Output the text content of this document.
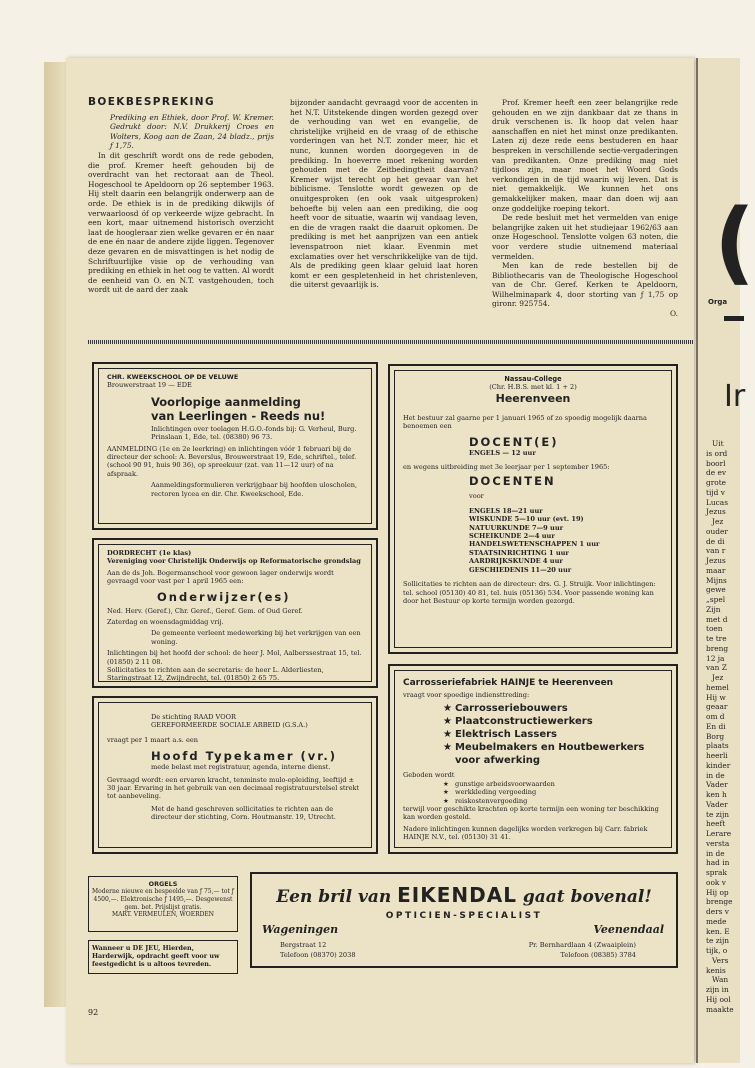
BOEKBESPREKING

Prediking en Ethiek, door Prof. W. Kremer. Gedrukt door: N.V. Drukkerij Croes en Wolters, Koog aan de Zaan, 24 bladz., prijs ƒ 1,75.

In dit geschrift wordt ons de rede geboden, die prof. Kremer heeft gehouden bij de overdracht van het rectoraat aan de Theol. Hogeschool te Apeldoorn op 26 september 1963. Hij stelt daarin een belangrijk onderwerp aan de orde. De ethiek is in de prediking dikwijls óf verwaarloosd óf op verkeerde wijze gebracht. In een kort, maar uitnemend historisch overzicht laat de hoogleraar zien welke gevaren er én naar de ene én naar de andere zijde liggen. Tegenover deze gevaren en de misvattingen is het nodig de Schriftuurlijke visie op de verhouding van prediking en ethiek in het oog te vatten. Al wordt de eenheid van O. en N.T. vastgehouden, toch wordt uit de aard der zaak

bijzonder aandacht gevraagd voor de accenten in het N.T. Uitstekende dingen worden gezegd over de verhouding van wet en evangelie, de christelijke vrijheid en de vraag of de ethische vorderingen van het N.T. zonder meer, hic et nunc, kunnen worden doorgegeven in de prediking. In hoeverre moet rekening worden gehouden met de Zeitbedingtheit daarvan? Kremer wijst terecht op het gevaar van het biblicisme. Tenslotte wordt gewezen op de onuitgesproken (en ook vaak uitgesproken) behoefte bij velen aan een prediking, die oog heeft voor de situatie, waarin wij vandaag leven, en die de vragen raakt die daaruit opkomen. De prediking is met het aanprijzen van een antiek levenspatroon niet klaar. Evenmin met exclamaties over het verschrikkelijke van de tijd. Als de prediking geen klaar geluid laat horen komt er een gespletenheid in het christenleven, die uiterst gevaarlijk is.

Prof. Kremer heeft een zeer belangrijke rede gehouden en we zijn dankbaar dat ze thans in druk verschenen is. Ik hoop dat velen haar aanschaffen en niet het minst onze predikanten. Laten zij deze rede eens bestuderen en haar bespreken in verschillende sectie-vergaderingen van predikanten. Onze prediking mag niet tijdloos zijn, maar moet het Woord Gods verkondigen in de tijd waarin wij leven. Dat is niet gemakkelijk. We kunnen het ons gemakkelijker maken, maar dan doen wij aan onze goddelijke roeping tekort.

De rede besluit met het vermelden van enige belangrijke zaken uit het studiejaar 1962/63 aan onze Hogeschool. Tenslotte volgen 63 noten, die voor verdere studie uitnemend materiaal vermelden.

Men kan de rede bestellen bij de Bibliothecaris van de Theologische Hogeschool van de Chr. Geref. Kerken te Apeldoorn, Wilhelminapark 4, door storting van ƒ 1,75 op gironr. 925754.

O.

CHR. KWEEKSCHOOL OP DE VELUWE
Brouwerstraat 19 — EDE
Voorlopige aanmelding
van Leerlingen - Reeds nu!
Inlichtingen over toelagen H.G.O.-fonds bij: G. Verheul, Burg. Prinslaan 1, Ede, tel. (08380) 96 73.
AANMELDING (1e en 2e leerkring) en inlichtingen vóór 1 februari bij de directeur der school: A. Beverslus, Brouwerstraat 19, Ede, schriftel., telef. (school 90 91, huis 90 36), op spreekuur (zat. van 11—12 uur) of na afspraak.
Aanmeldingsformulieren verkrijgbaar bij hoofden uloscholen, rectoren lycea en dir. Chr. Kweekschool, Ede.
Nassau-College
(Chr. H.B.S. met kl. 1 + 2)
Heerenveen
Het bestuur zal gaarne per 1 januari 1965 of zo spoedig mogelijk daarna benoemen een
DOCENT(E)
ENGELS — 12 uur
en wegens uitbreiding met 3e leerjaar per 1 september 1965:
DOCENTEN
voor
ENGELS 18—21 uur
WISKUNDE 5—10 uur (evt. 19)
NATUURKUNDE 7—9 uur
SCHEIKUNDE 2—4 uur
HANDELSWETENSCHAPPEN 1 uur
STAATSINRICHTING 1 uur
AARDRIJKSKUNDE 4 uur
GESCHIEDENIS 11—20 uur
Sollicitaties te richten aan de directeur: drs. G. J. Struijk. Voor inlichtingen: tel. school (05130) 40 81, tel. huis (05136) 534. Voor passende woning kan door het Bestuur op korte termijn worden gezorgd.
DORDRECHT (1e klas)
Vereniging voor Christelijk Onderwijs op Reformatorische grondslag
Aan de ds Joh. Bogermanschool voor gewoon lager onderwijs wordt gevraagd voor vast per 1 april 1965 een:
Onderwijzer(es)
Ned. Herv. (Geref.), Chr. Geref., Geref. Gem. of Oud Geref.
Zaterdag en woensdagmiddag vrij.
De gemeente verleent medewerking bij het verkrijgen van een woning.
Inlichtingen bij het hoofd der school: de heer J. Mol, Aalberssestraat 15, tel. (01850) 2 11 08.
Sollicitaties te richten aan de secretaris: de heer L. Alderliesten, Staringstraat 12, Zwijndrecht, tel. (01850) 2 65 75.	Carrosseriefabriek HAINJE te Heerenveen
vraagt voor spoedige indiensttreding:
★ Carrosseriebouwers
★ Plaatconstructiewerkers
★ Elektrisch Lassers
★ Meubelmakers en Houtbewerkers
voor afwerking
Geboden wordt
★ gunstige arbeidsvoorwaarden
★ werkkleding vergoeding
★ reiskostenvergoeding
terwijl voor geschikte krachten op korte termijn een woning ter beschikking kan worden gesteld.
Nadere inlichtingen kunnen dagelijks worden verkregen bij Carr. fabriek HAINJE N.V., tel. (05130) 31 41.
De stichting RAAD VOOR
GEREFORMEERDE SOCIALE ARBEID (G.S.A.)
vraagt per 1 maart a.s. een
Hoofd Typekamer (vr.)
mede belast met registratuur, agenda, interne dienst.
Gevraagd wordt: een ervaren kracht, tenminste mulo-opleiding, leeftijd ± 30 jaar. Ervaring in het gebruik van een decimaal registratuurstelsel strekt tot aanbeveling.
Met de hand geschreven sollicitaties te richten aan de directeur der stichting, Corn. Houtmanstr. 19, Utrecht.
ORGELS
Moderne nieuwe en bespeelde van ƒ 75,— tot ƒ 4500,—. Elektronische ƒ 1495,—. Desgewenst gem. bet. Prijslijst gratis.
MART. VERMEULEN, WOERDEN
Wanneer u DE JEU, Hierden, Harderwijk, opdracht geeft voor uw feestgedicht is u altoos tevreden.
Een bril van EIKENDAL gaat bovenal!
OPTICIEN-SPECIALIST
Wageningen
Bergstraat 12
Telefoon (08370) 2038
Veenendaal
Pr. Bernhardlaan 4 (Zwaaiplein)
Telefoon (08385) 3784
92
(
Orga
Ir
Uit
is ord
boorl
de ev
grote
tijd v
Lucas
Jezus
Jez
ouder
de di
van r
Jezus
maar
Mijns
gewe
„spel
Zijn
met d
toen
te tre
breng
12 ja
van Z
Jez
hemel
Hij w
geaar
om d
En di
Borg
plaats
heerli
kinder
in de
Vader
ken h
Vader
te zijn
heeft
Lerare
versta
in de
had in
sprak
ook v
Hij op
brenge
ders v
mede
ken. E
te zijn
tijk, o
Vers
kenis
Wan
zijn in
Hij ool
maakte
